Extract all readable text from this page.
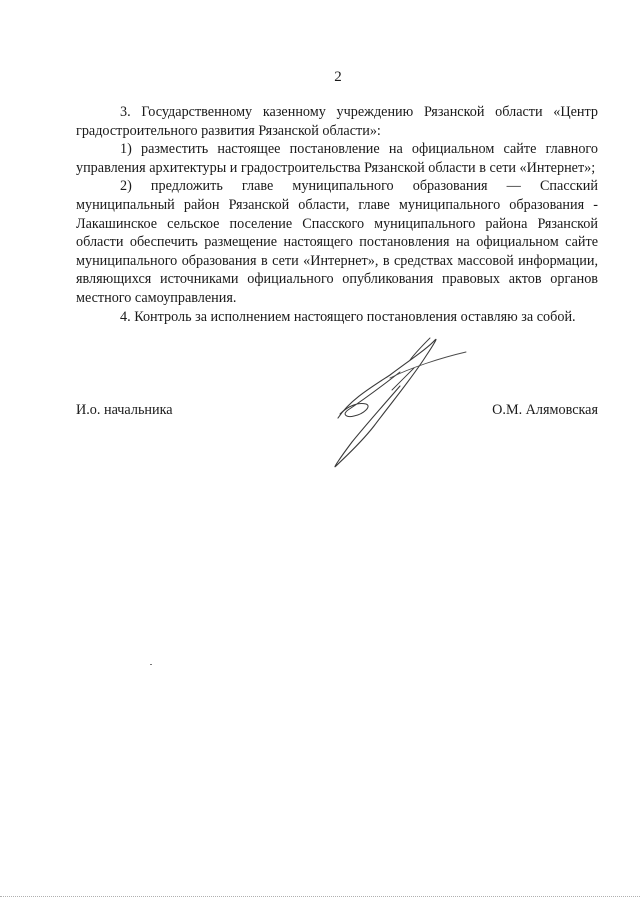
2

3. Государственному казенному учреждению Рязанской области «Центр градостроительного развития Рязанской области»:

1) разместить настоящее постановление на официальном сайте главного управления архитектуры и градостроительства Рязанской области в сети «Интернет»;

2) предложить главе муниципального образования — Спасский муниципальный район Рязанской области, главе муниципального образования - Лакашинское сельское поселение Спасского муниципального района Рязанской области обеспечить размещение настоящего постановления на официальном сайте муниципального образования в сети «Интернет», в средствах массовой информации, являющихся источниками официального опубликования правовых актов органов местного самоуправления.

4. Контроль за исполнением настоящего постановления оставляю за собой.

И.о. начальника	О.М. Алямовская
